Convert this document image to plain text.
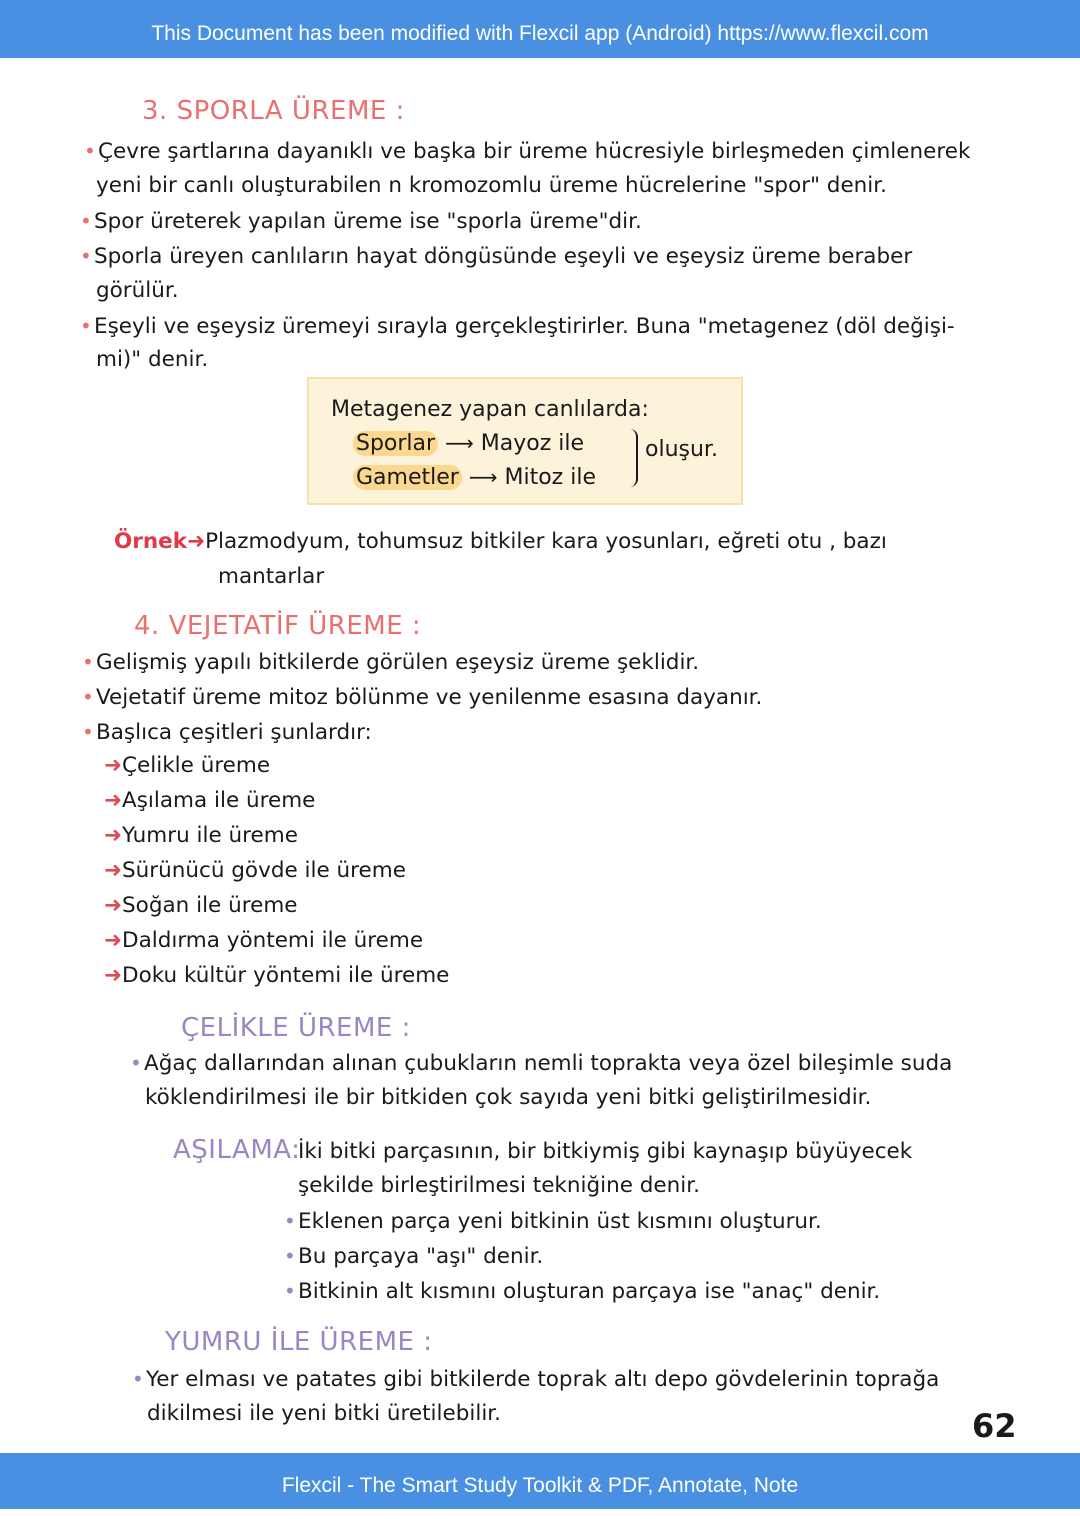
This Document has been modified with Flexcil app (Android) https://www.flexcil.com
3. SPORLA ÜREME :
• Çevre şartlarına dayanıklı ve başka bir üreme hücresiyle birleşmeden çimlenerek
yeni bir canlı oluşturabilen n kromozomlu üreme hücrelerine "spor" denir.
• Spor üreterek yapılan üreme ise "sporla üreme"dir.
• Sporla üreyen canlıların hayat döngüsünde eşeyli ve eşeysiz üreme beraber
görülür.
• Eşeyli ve eşeysiz üremeyi sırayla gerçekleştirirler. Buna "metagenez (döl değişi-
mi)" denir.
Metagenez yapan canlılarda:
Sporlar ⟶ Mayoz ile
Gametler ⟶ Mitoz ile
oluşur.
Örnek➜Plazmodyum, tohumsuz bitkiler kara yosunları, eğreti otu , bazı
mantarlar
4. VEJETATİF ÜREME :
• Gelişmiş yapılı bitkilerde görülen eşeysiz üreme şeklidir.
• Vejetatif üreme mitoz bölünme ve yenilenme esasına dayanır.
• Başlıca çeşitleri şunlardır:
➜Çelikle üreme
➜Aşılama ile üreme
➜Yumru ile üreme
➜Sürünücü gövde ile üreme
➜Soğan ile üreme
➜Daldırma yöntemi ile üreme
➜Doku kültür yöntemi ile üreme
ÇELİKLE ÜREME :
• Ağaç dallarından alınan çubukların nemli toprakta veya özel bileşimle suda
köklendirilmesi ile bir bitkiden çok sayıda yeni bitki geliştirilmesidir.
AŞILAMA:
İki bitki parçasının, bir bitkiymiş gibi kaynaşıp büyüyecek
şekilde birleştirilmesi tekniğine denir.
• Eklenen parça yeni bitkinin üst kısmını oluşturur.
• Bu parçaya "aşı" denir.
• Bitkinin alt kısmını oluşturan parçaya ise "anaç" denir.
YUMRU İLE ÜREME :
• Yer elması ve patates gibi bitkilerde toprak altı depo gövdelerinin toprağa
dikilmesi ile yeni bitki üretilebilir.	62
Flexcil - The Smart Study Toolkit & PDF, Annotate, Note
